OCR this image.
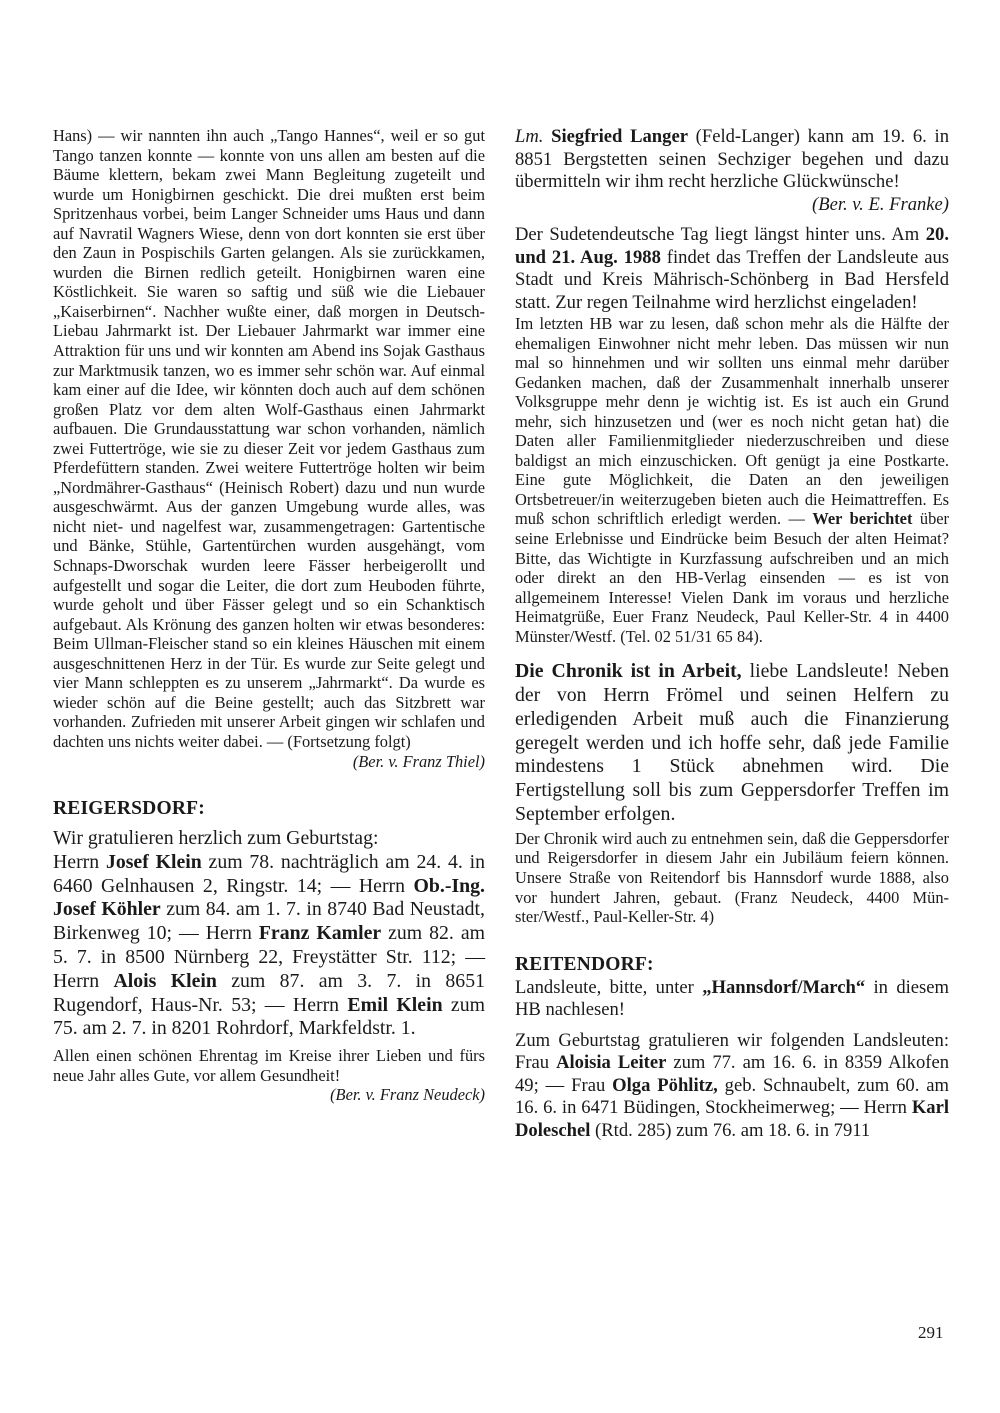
Hans) — wir nannten ihn auch „Tango Hannes“, weil er so gut Tango tanzen konnte — konnte von uns allen am besten auf die Bäume klettern, bekam zwei Mann Begleitung zugeteilt und wurde um Honigbirnen geschickt. Die drei mußten erst beim Spritzenhaus vorbei, beim Langer Schneider ums Haus und dann auf Navratil Wagners Wiese, denn von dort konnten sie erst über den Zaun in Pospischils Garten gelangen. Als sie zurückkamen, wurden die Birnen redlich geteilt. Honigbirnen waren eine Köstlichkeit. Sie waren so saftig und süß wie die Liebauer „Kaiserbirnen“. Nachher wußte einer, daß morgen in Deutsch-Liebau Jahrmarkt ist. Der Liebauer Jahrmarkt war immer eine Attraktion für uns und wir konnten am Abend ins Sojak Gasthaus zur Marktmusik tanzen, wo es immer sehr schön war. Auf einmal kam einer auf die Idee, wir könnten doch auch auf dem schönen großen Platz vor dem alten Wolf-Gasthaus einen Jahrmarkt aufbauen. Die Grundausstattung war schon vorhanden, nämlich zwei Futtertröge, wie sie zu dieser Zeit vor jedem Gasthaus zum Pferdefüttern standen. Zwei weitere Futtertröge holten wir beim „Nordmährer-Gasthaus“ (Heinisch Robert) dazu und nun wurde ausgeschwärmt. Aus der ganzen Umgebung wurde alles, was nicht niet- und nagelfest war, zusammengetragen: Gartentische und Bänke, Stühle, Gartentürchen wurden ausgehängt, vom Schnaps-Dworschak wurden leere Fässer herbeigerollt und aufgestellt und sogar die Leiter, die dort zum Heuboden führte, wurde geholt und über Fässer gelegt und so ein Schanktisch aufgebaut. Als Krönung des ganzen holten wir etwas besonderes: Beim Ullman-Fleischer stand so ein kleines Häuschen mit einem ausgeschnittenen Herz in der Tür. Es wurde zur Seite gelegt und vier Mann schleppten es zu unserem „Jahrmarkt“. Da wurde es wieder schön auf die Beine gestellt; auch das Sitzbrett war vorhanden. Zufrieden mit unserer Arbeit gingen wir schlafen und dachten uns nichts weiter dabei. — (Fortsetzung folgt)
(Ber. v. Franz Thiel)

REIGERSDORF:

Wir gratulieren herzlich zum Geburtstag:

Herrn Josef Klein zum 78. nachträglich am 24. 4. in 6460 Gelnhausen 2, Ringstr. 14; — Herrn Ob.-Ing. Josef Köhler zum 84. am 1. 7. in 8740 Bad Neustadt, Birkenweg 10; — Herrn Franz Kamler zum 82. am 5. 7. in 8500 Nürnberg 22, Freystätter Str. 112; — Herrn Alois Klein zum 87. am 3. 7. in 8651 Rugendorf, Haus-Nr. 53; — Herrn Emil Klein zum 75. am 2. 7. in 8201 Rohrdorf, Markfeldstr. 1.

Allen einen schönen Ehrentag im Kreise ihrer Lieben und fürs neue Jahr alles Gute, vor allem Gesundheit!

(Ber. v. Franz Neudeck)

Lm. Siegfried Langer (Feld-Langer) kann am 19. 6. in 8851 Bergstetten seinen Sechziger begehen und dazu übermitteln wir ihm recht herzliche Glückwünsche!
(Ber. v. E. Franke)

Der Sudetendeutsche Tag liegt längst hinter uns. Am 20. und 21. Aug. 1988 findet das Treffen der Landsleute aus Stadt und Kreis Mährisch-Schönberg in Bad Hersfeld statt. Zur regen Teilnahme wird herzlichst eingeladen!

Im letzten HB war zu lesen, daß schon mehr als die Hälfte der ehemaligen Einwohner nicht mehr leben. Das müssen wir nun mal so hinnehmen und wir sollten uns einmal mehr darüber Gedanken machen, daß der Zusammenhalt innerhalb unserer Volksgruppe mehr denn je wichtig ist. Es ist auch ein Grund mehr, sich hinzusetzen und (wer es noch nicht getan hat) die Daten aller Familienmitglieder niederzuschreiben und diese baldigst an mich einzuschicken. Oft genügt ja eine Postkarte. Eine gute Möglichkeit, die Daten an den jeweiligen Ortsbetreuer/in weiterzugeben bieten auch die Heimattreffen. Es muß schon schriftlich erledigt werden. — Wer berichtet über seine Erlebnisse und Eindrücke beim Besuch der alten Heimat? Bitte, das Wichtigte in Kurzfassung aufschreiben und an mich oder direkt an den HB-Verlag einsenden — es ist von allgemeinem Interesse! Vielen Dank im voraus und herzliche Heimatgrüße, Euer Franz Neudeck, Paul Keller-Str. 4 in 4400 Münster/Westf. (Tel. 02 51/31 65 84).

Die Chronik ist in Arbeit, liebe Landsleute! Neben der von Herrn Frömel und seinen Helfern zu erledigenden Arbeit muß auch die Finanzierung geregelt werden und ich hoffe sehr, daß jede Familie mindestens 1 Stück abnehmen wird. Die Fertigstellung soll bis zum Geppersdorfer Treffen im September erfolgen.

Der Chronik wird auch zu entnehmen sein, daß die Geppersdorfer und Reigersdorfer in diesem Jahr ein Jubiläum feiern können. Unsere Straße von Reitendorf bis Hannsdorf wurde 1888, also vor hundert Jahren, gebaut. (Franz Neudeck, 4400 Münster/Westf., Paul-Keller-Str. 4)

REITENDORF:

Landsleute, bitte, unter „Hannsdorf/March“ in diesem HB nachlesen!

Zum Geburtstag gratulieren wir folgenden Landsleuten: Frau Aloisia Leiter zum 77. am 16. 6. in 8359 Alkofen 49; — Frau Olga Pöhlitz, geb. Schnaubelt, zum 60. am 16. 6. in 6471 Büdingen, Stockheimerweg; — Herrn Karl Doleschel (Rtd. 285) zum 76. am 18. 6. in 7911

291
